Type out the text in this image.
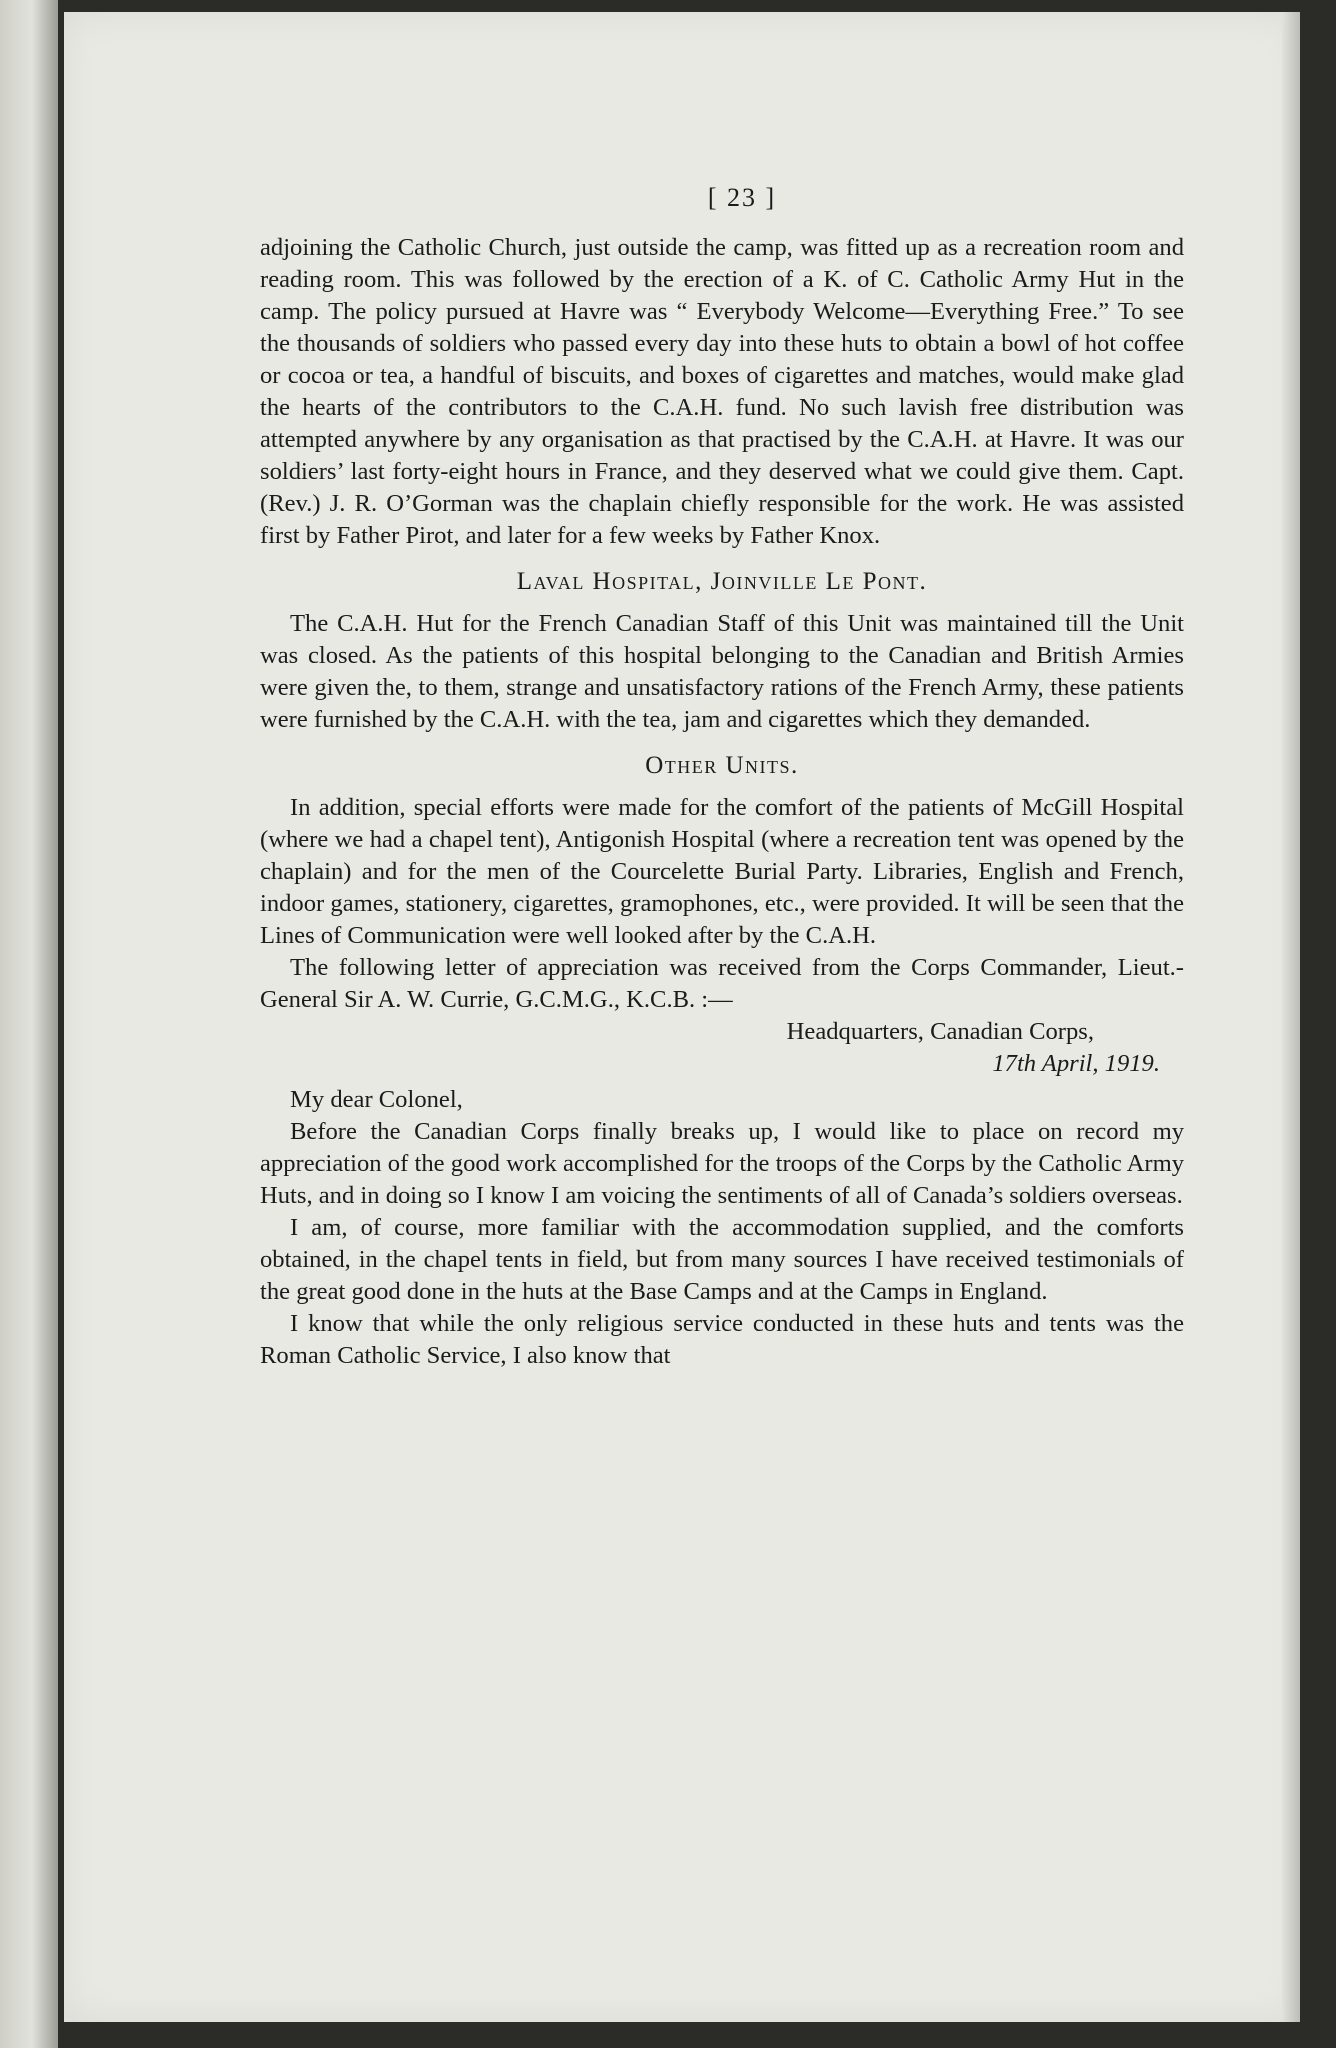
[ 23 ]

adjoining the Catholic Church, just outside the camp, was fitted up as a recreation room and reading room. This was followed by the erection of a K. of C. Catholic Army Hut in the camp. The policy pursued at Havre was “ Everybody Welcome—Everything Free.” To see the thousands of soldiers who passed every day into these huts to obtain a bowl of hot coffee or cocoa or tea, a handful of biscuits, and boxes of cigarettes and matches, would make glad the hearts of the contributors to the C.A.H. fund. No such lavish free distribution was attempted anywhere by any organisation as that practised by the C.A.H. at Havre. It was our soldiers’ last forty-eight hours in France, and they deserved what we could give them. Capt. (Rev.) J. R. O’Gorman was the chaplain chiefly responsible for the work. He was assisted first by Father Pirot, and later for a few weeks by Father Knox.

Laval Hospital, Joinville Le Pont.

The C.A.H. Hut for the French Canadian Staff of this Unit was maintained till the Unit was closed. As the patients of this hospital belonging to the Canadian and British Armies were given the, to them, strange and unsatisfactory rations of the French Army, these patients were furnished by the C.A.H. with the tea, jam and cigarettes which they demanded.

Other Units.

In addition, special efforts were made for the comfort of the patients of McGill Hospital (where we had a chapel tent), Antigonish Hospital (where a recreation tent was opened by the chaplain) and for the men of the Courcelette Burial Party. Libraries, English and French, indoor games, stationery, cigarettes, gramophones, etc., were provided. It will be seen that the Lines of Communication were well looked after by the C.A.H.

The following letter of appreciation was received from the Corps Commander, Lieut.-General Sir A. W. Currie, G.C.M.G., K.C.B. :—

Headquarters, Canadian Corps,
17th April, 1919.
My dear Colonel,

Before the Canadian Corps finally breaks up, I would like to place on record my appreciation of the good work accomplished for the troops of the Corps by the Catholic Army Huts, and in doing so I know I am voicing the sentiments of all of Canada’s soldiers overseas.

I am, of course, more familiar with the accommodation supplied, and the comforts obtained, in the chapel tents in field, but from many sources I have received testimonials of the great good done in the huts at the Base Camps and at the Camps in England.

I know that while the only religious service conducted in these huts and tents was the Roman Catholic Service, I also know that
